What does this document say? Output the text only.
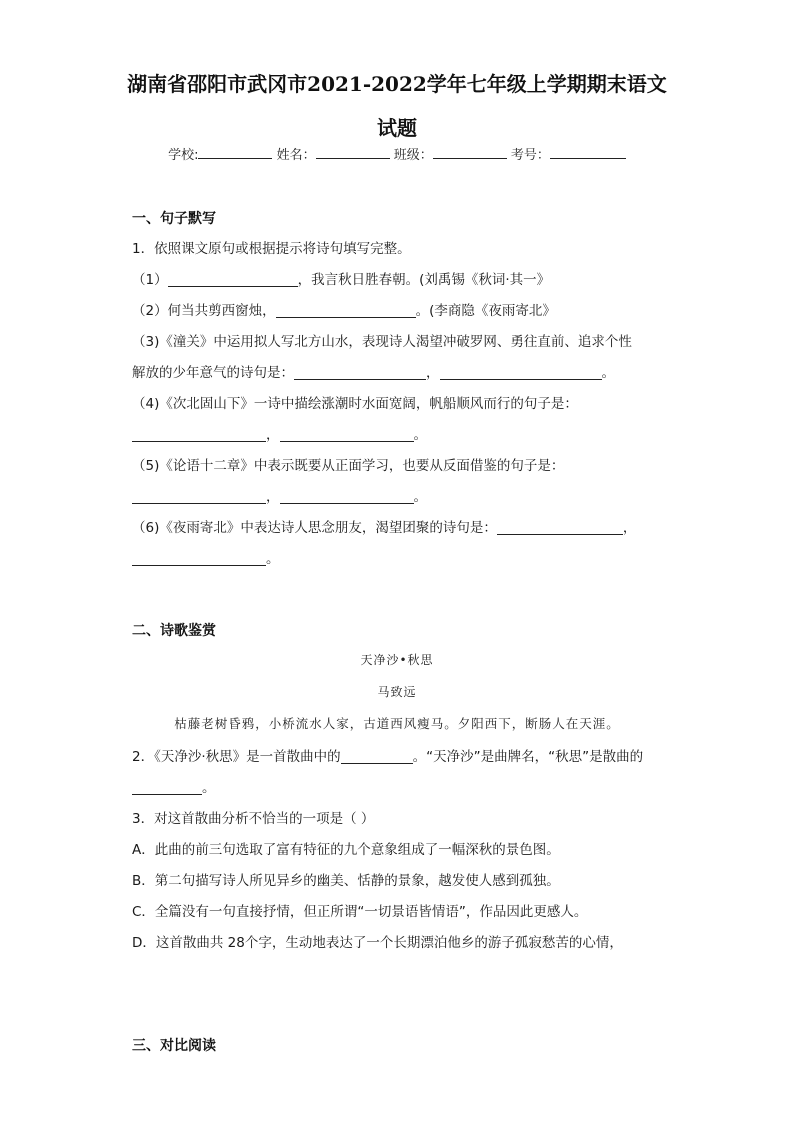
湖南省邵阳市武冈市2021-2022学年七年级上学期期末语文
试题
学校:	姓名：	班级：	考号：
一、句子默写
1．依照课文原句或根据提示将诗句填写完整。
（1）	，我言秋日胜春朝。(刘禹锡《秋词·其一》
（2）何当共剪西窗烛，	。(李商隐《夜雨寄北》
（3)《潼关》中运用拟人写北方山水，表现诗人渴望冲破罗网、勇往直前、追求个性
解放的少年意气的诗句是：	，	。
（4)《次北固山下》一诗中描绘涨潮时水面宽阔，帆船顺风而行的句子是：
，	。
（5)《论语十二章》中表示既要从正面学习，也要从反面借鉴的句子是：
，	。
（6)《夜雨寄北》中表达诗人思念朋友，渴望团聚的诗句是：	，
。
二、诗歌鉴赏
天净沙•秋思
马致远
枯藤老树昏鸦，小桥流水人家，古道西风瘦马。夕阳西下，断肠人在天涯。
2．《天净沙·秋思》是一首散曲中的	。“天净沙”是曲牌名，“秋思”是散曲的
。
3．对这首散曲分析不恰当的一项是（ ）
A．此曲的前三句选取了富有特征的九个意象组成了一幅深秋的景色图。
B．第二句描写诗人所见异乡的幽美、恬静的景象，越发使人感到孤独。
C．全篇没有一句直接抒情，但正所谓“一切景语皆情语”，作品因此更感人。
D．这首散曲共 28个字，生动地表达了一个长期漂泊他乡的游子孤寂愁苦的心情，
三、对比阅读
